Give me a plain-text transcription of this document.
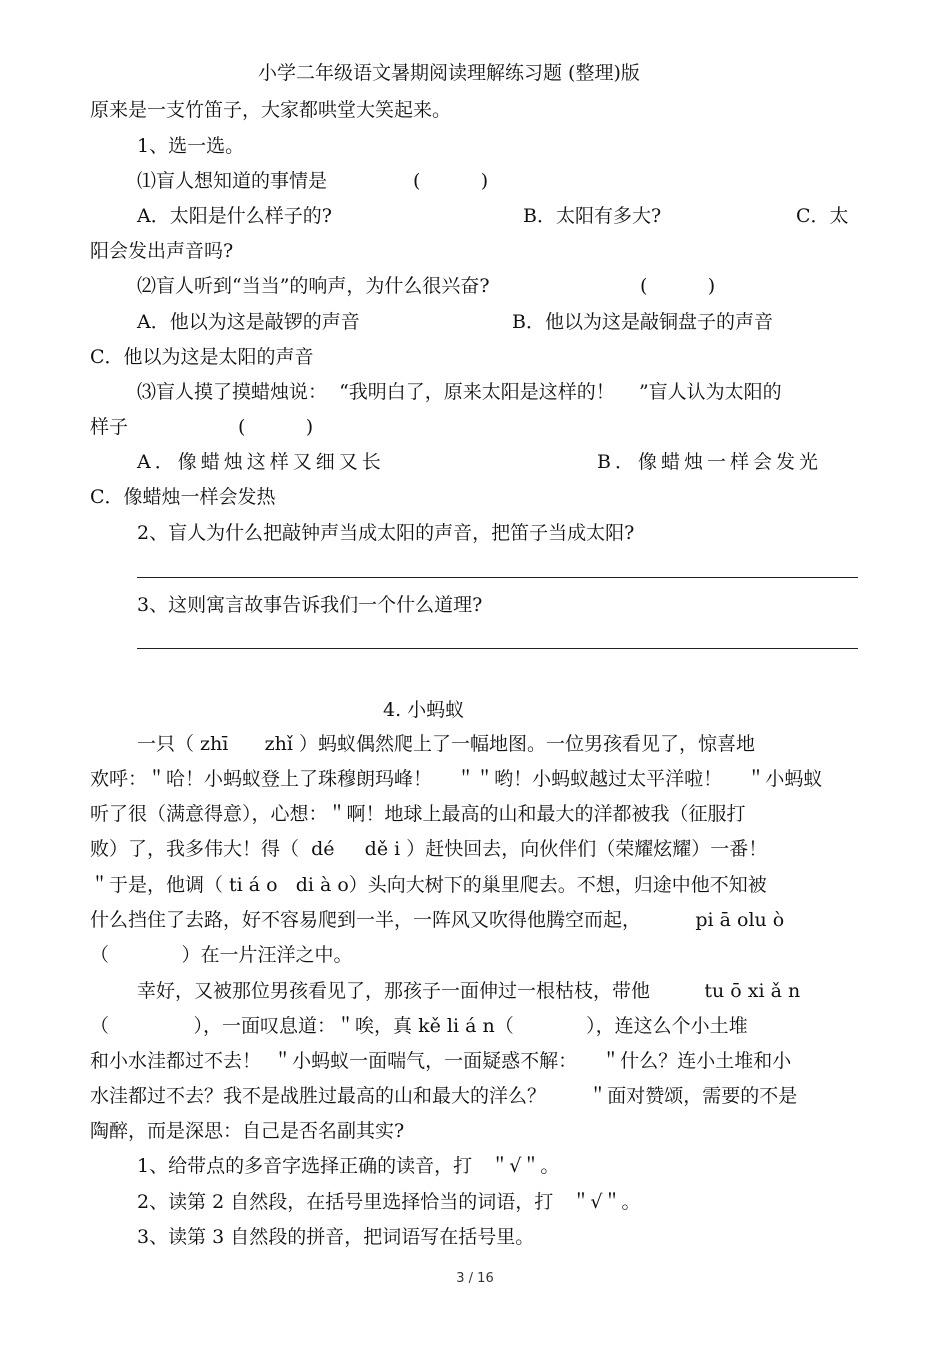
小学二年级语文暑期阅读理解练习题 (整理)版
原来是一支竹笛子，大家都哄堂大笑起来。
1、选一选。
⑴盲人想知道的事情是	(          )
A．太阳是什么样子的?	B．太阳有多大?	C．太
阳会发出声音吗?
⑵盲人听到“当当”的响声，为什么很兴奋?	(          )
A．他以为这是敲锣的声音	B．他以为这是敲铜盘子的声音
C．他以为这是太阳的声音
⑶盲人摸了摸蜡烛说：  “我明白了，原来太阳是这样的！    ”盲人认为太阳的
样子	(          )
A．像蜡烛这样又细又长	B．像蜡烛一样会发光
C．像蜡烛一样会发热
2、盲人为什么把敲钟声当成太阳的声音，把笛子当成太阳?
3、这则寓言故事告诉我们一个什么道理?
4. 小蚂蚁
一只（ zhī      zhǐ ）蚂蚁偶然爬上了一幅地图。一位男孩看见了，惊喜地
欢呼：＂哈！小蚂蚁登上了珠穆朗玛峰！    ＂＂哟！小蚂蚁越过太平洋啦！    ＂小蚂蚁
听了很（满意得意），心想：＂啊！地球上最高的山和最大的洋都被我（征服打
败）了，我多伟大！得（  dé     dě i ）赶快回去，向伙伴们（荣耀炫耀）一番！
＂于是，他调（ ti á o   di à o）头向大树下的巢里爬去。不想，归途中他不知被
什么挡住了去路，好不容易爬到一半，一阵风又吹得他腾空而起，         pi ā olu ò
（            ）在一片汪洋之中。
幸好，又被那位男孩看见了，那孩子一面伸过一根枯枝，带他         tu ō xi ǎ n
（              ），一面叹息道：＂唉，真 kě li á n（            ），连这么个小土堆
和小水洼都过不去！  ＂小蚂蚁一面喘气，一面疑惑不解：    ＂什么？连小土堆和小
水洼都过不去？我不是战胜过最高的山和最大的洋么？       ＂面对赞颂，需要的不是
陶醉，而是深思：自己是否名副其实?
1、给带点的多音字选择正确的读音，打   ＂√＂。
2、读第 2 自然段，在括号里选择恰当的词语，打   ＂√＂。
3、读第 3 自然段的拼音，把词语写在括号里。
3 / 16
